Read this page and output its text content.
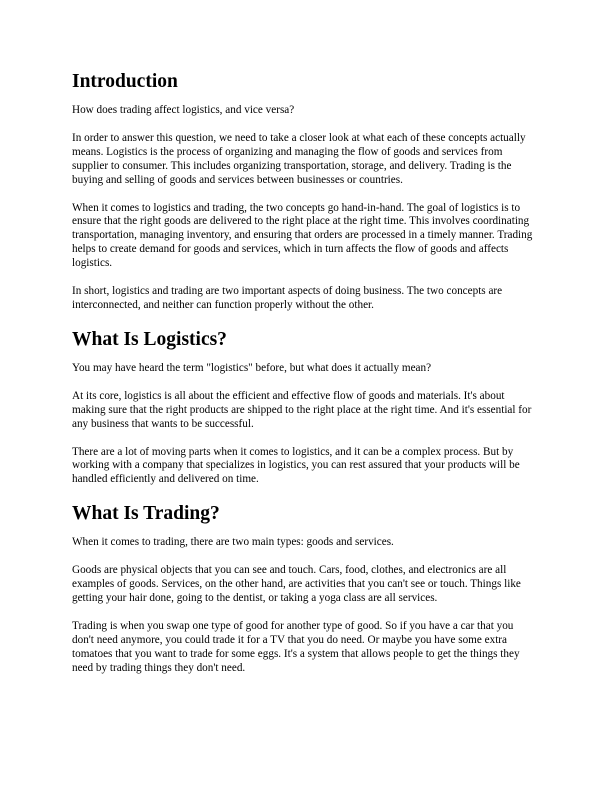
Introduction

How does trading affect logistics, and vice versa?

In order to answer this question, we need to take a closer look at what each of these concepts actually means. Logistics is the process of organizing and managing the flow of goods and services from supplier to consumer. This includes organizing transportation, storage, and delivery. Trading is the buying and selling of goods and services between businesses or countries.

When it comes to logistics and trading, the two concepts go hand-in-hand. The goal of logistics is to ensure that the right goods are delivered to the right place at the right time. This involves coordinating transportation, managing inventory, and ensuring that orders are processed in a timely manner. Trading helps to create demand for goods and services, which in turn affects the flow of goods and affects logistics.

In short, logistics and trading are two important aspects of doing business. The two concepts are interconnected, and neither can function properly without the other.

What Is Logistics?

You may have heard the term "logistics" before, but what does it actually mean?

At its core, logistics is all about the efficient and effective flow of goods and materials. It's about making sure that the right products are shipped to the right place at the right time. And it's essential for any business that wants to be successful.

There are a lot of moving parts when it comes to logistics, and it can be a complex process. But by working with a company that specializes in logistics, you can rest assured that your products will be handled efficiently and delivered on time.

What Is Trading?

When it comes to trading, there are two main types: goods and services.

Goods are physical objects that you can see and touch. Cars, food, clothes, and electronics are all examples of goods. Services, on the other hand, are activities that you can't see or touch. Things like getting your hair done, going to the dentist, or taking a yoga class are all services.

Trading is when you swap one type of good for another type of good. So if you have a car that you don't need anymore, you could trade it for a TV that you do need. Or maybe you have some extra tomatoes that you want to trade for some eggs. It's a system that allows people to get the things they need by trading things they don't need.
